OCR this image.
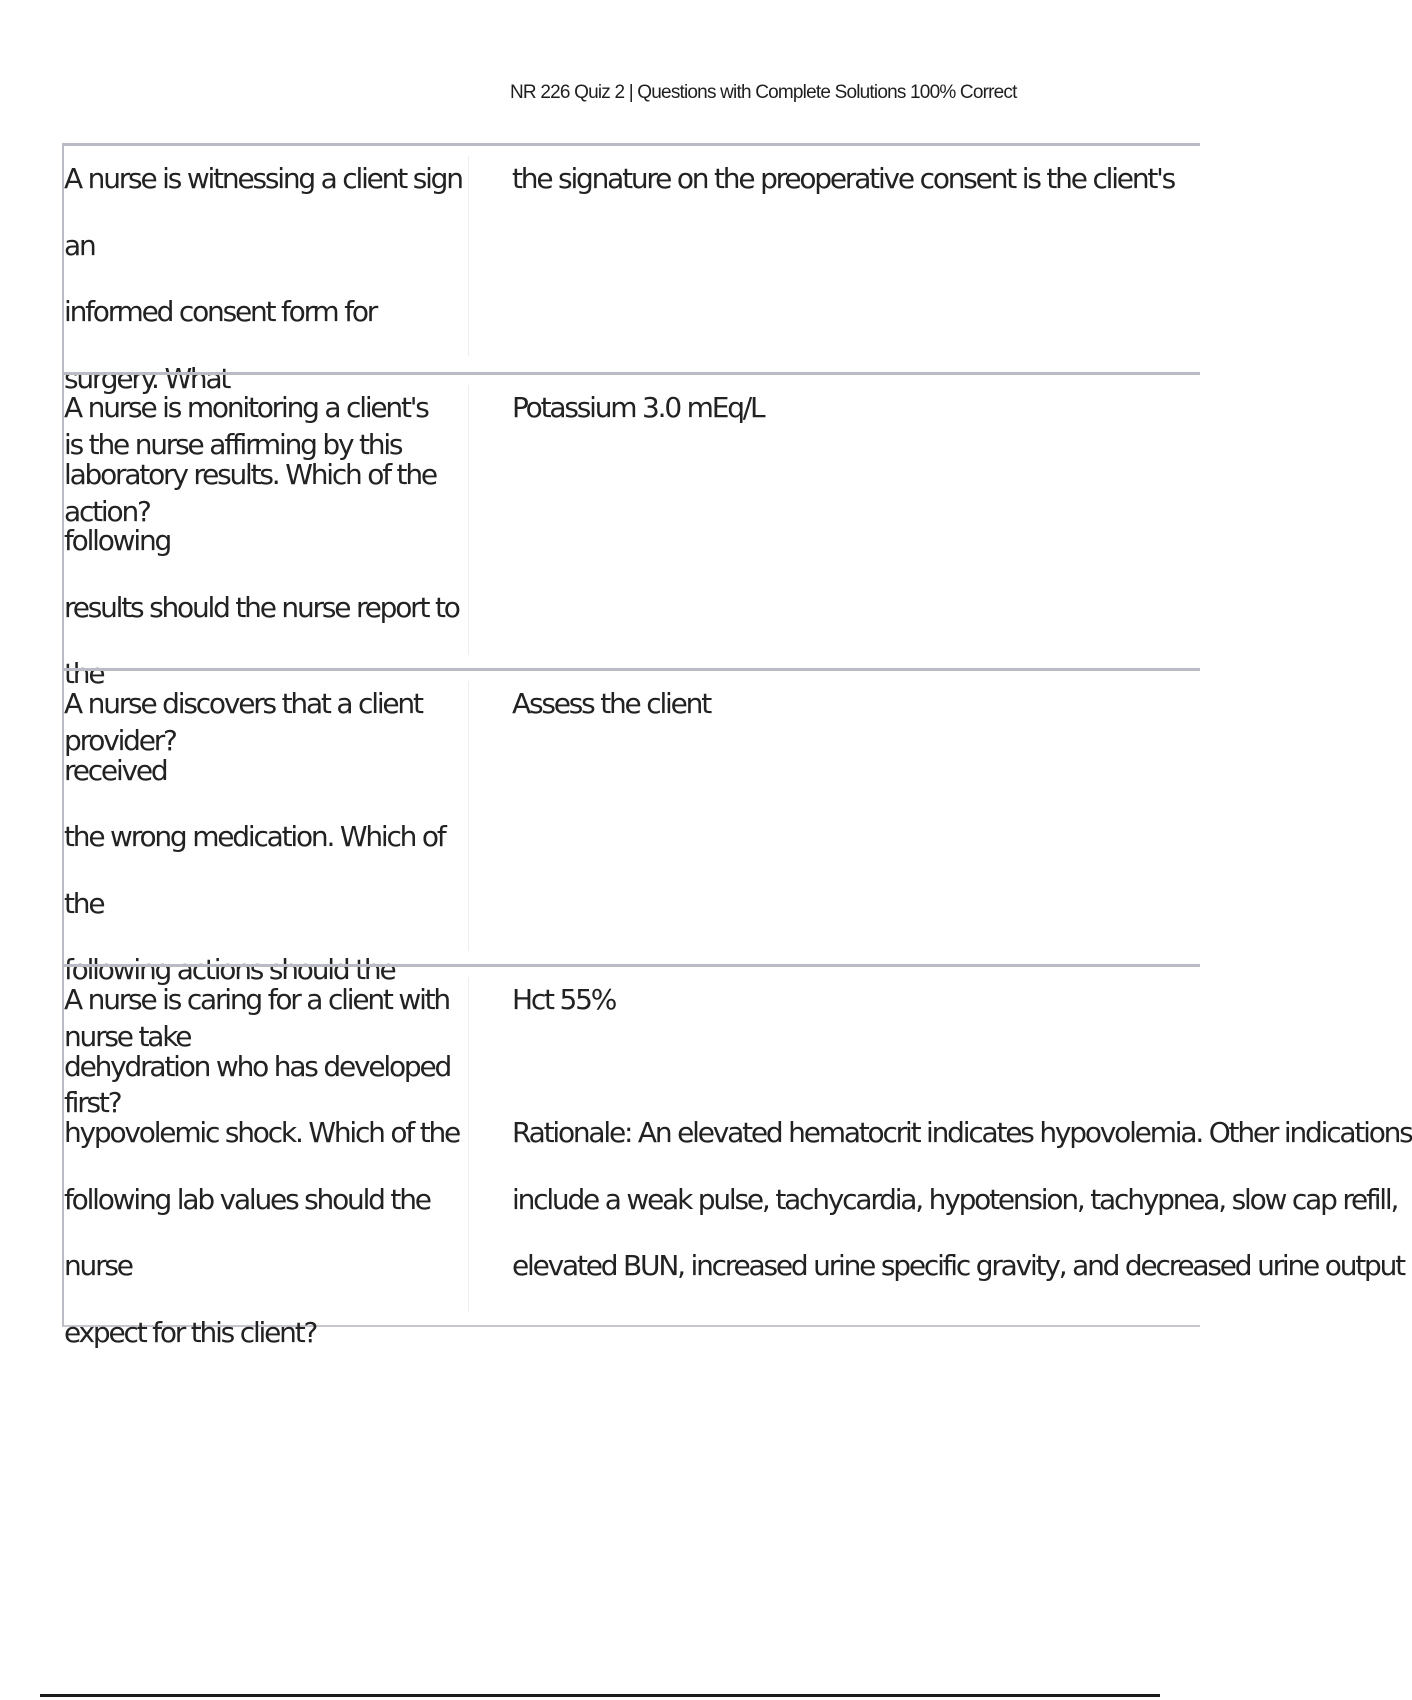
NR 226 Quiz 2 | Questions with Complete Solutions 100% Correct
A nurse is witnessing a client sign an
informed consent form for surgery. What
is the nurse affirming by this action?
the signature on the preoperative consent is the client's
A nurse is monitoring a client's
laboratory results. Which of the following
results should the nurse report to the
provider?
Potassium 3.0 mEq/L
A nurse discovers that a client received
the wrong medication. Which of the
following actions should the nurse take
first?
Assess the client
A nurse is caring for a client with
dehydration who has developed
hypovolemic shock. Which of the
following lab values should the nurse
expect for this client?
Hct 55%
Rationale: An elevated hematocrit indicates hypovolemia. Other indications
include a weak pulse, tachycardia, hypotension, tachypnea, slow cap refill,
elevated BUN, increased urine specific gravity, and decreased urine output
